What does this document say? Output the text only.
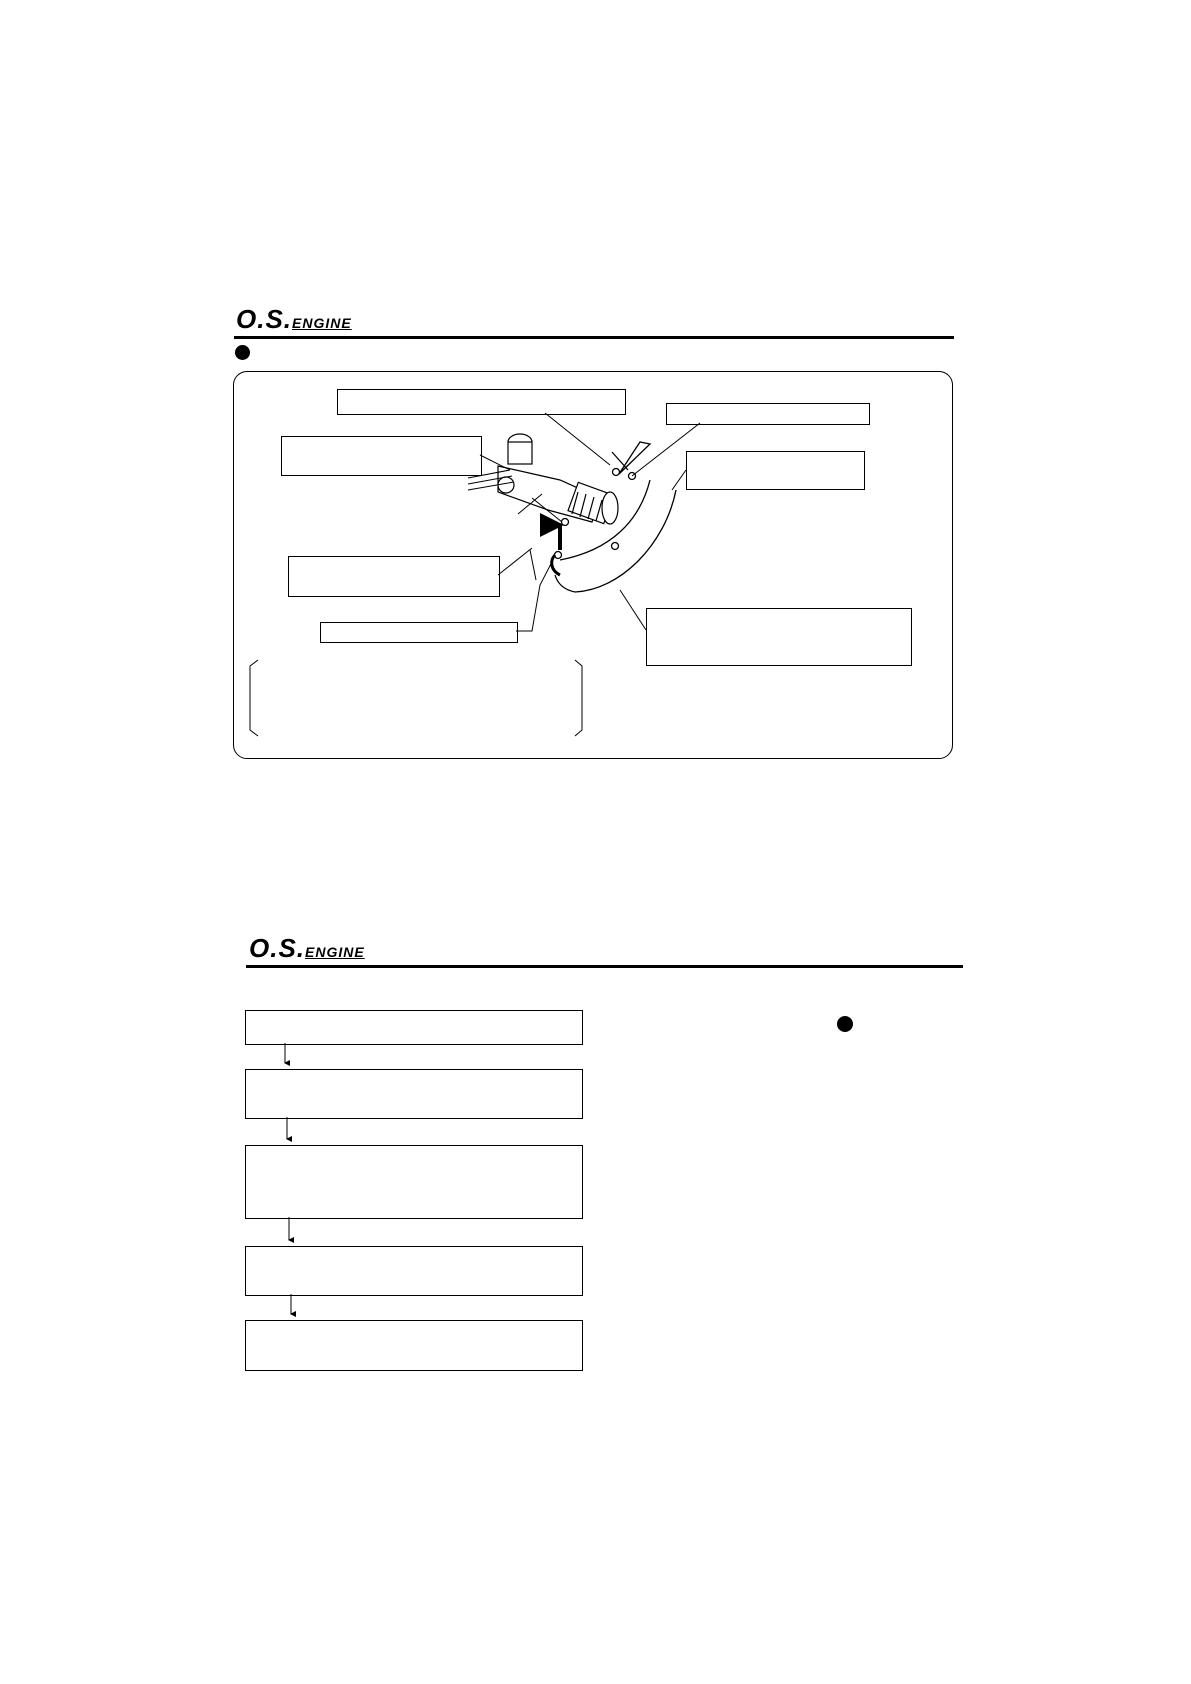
O.S.ENGINE
O.S.ENGINE
